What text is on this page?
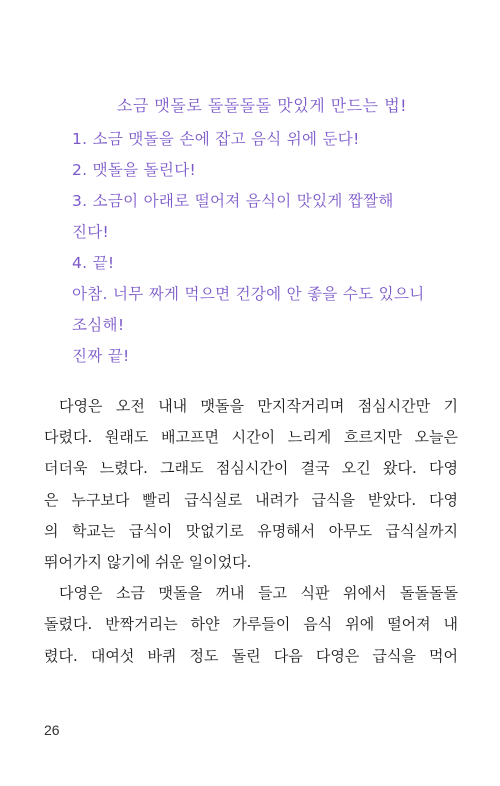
소금 맷돌로 돌돌돌돌 맛있게 만드는 법!
1. 소금 맷돌을 손에 잡고 음식 위에 둔다!
2. 맷돌을 돌린다!
3. 소금이 아래로 떨어져 음식이 맛있게 짭짤해
진다!
4. 끝!
아참. 너무 짜게 먹으면 건강에 안 좋을 수도 있으니
조심해!
진짜 끝!
다영은 오전 내내 맷돌을 만지작거리며 점심시간만 기
다렸다. 원래도 배고프면 시간이 느리게 흐르지만 오늘은
더더욱 느렸다. 그래도 점심시간이 결국 오긴 왔다. 다영
은 누구보다 빨리 급식실로 내려가 급식을 받았다. 다영
의 학교는 급식이 맛없기로 유명해서 아무도 급식실까지
뛰어가지 않기에 쉬운 일이었다.
다영은 소금 맷돌을 꺼내 들고 식판 위에서 돌돌돌돌
돌렸다. 반짝거리는 하얀 가루들이 음식 위에 떨어져 내
렸다. 대여섯 바퀴 정도 돌린 다음 다영은 급식을 먹어
26
